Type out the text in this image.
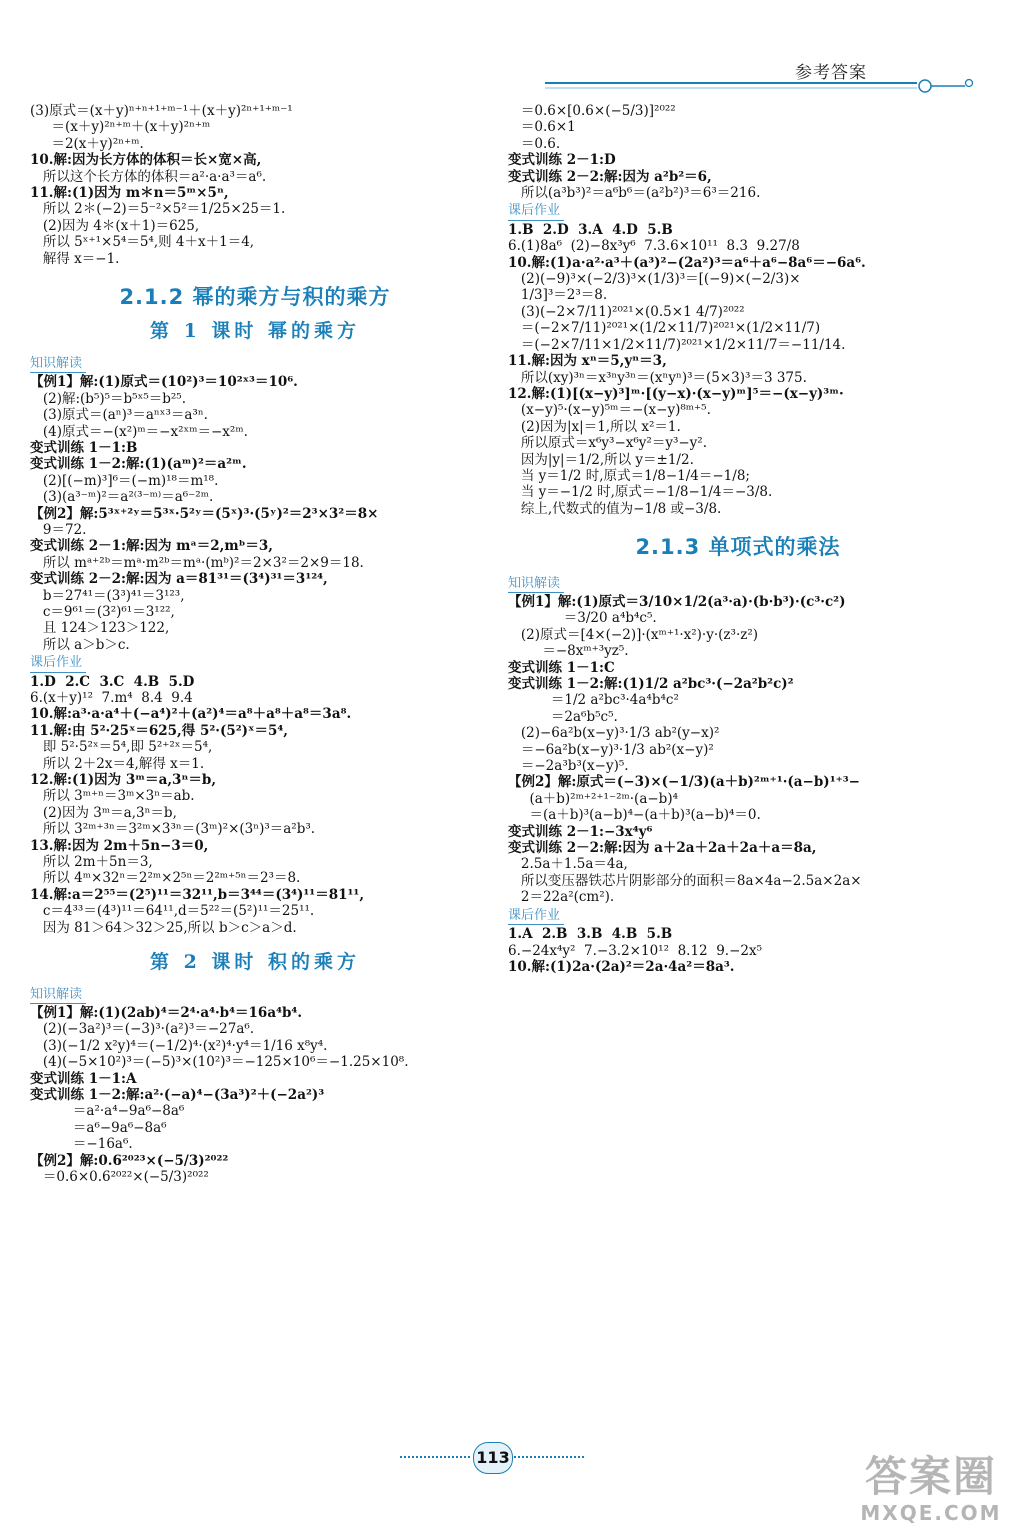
参考答案
(3)原式＝(x＋y)ⁿ⁺ⁿ⁺¹⁺ᵐ⁻¹＋(x＋y)²ⁿ⁺¹⁺ᵐ⁻¹
＝(x＋y)²ⁿ⁺ᵐ＋(x＋y)²ⁿ⁺ᵐ
＝2(x＋y)²ⁿ⁺ᵐ.
10.解:因为长方体的体积＝长×宽×高,
所以这个长方体的体积＝a²·a·a³＝a⁶.
11.解:(1)因为 m＊n＝5ᵐ×5ⁿ,
所以 2＊(−2)＝5⁻²×5²＝1/25×25＝1.
(2)因为 4＊(x＋1)＝625,
所以 5ˣ⁺¹×5⁴＝5⁴,则 4＋x＋1＝4,
解得 x＝−1.
2.1.2 幂的乘方与积的乘方
第 1 课时 幂的乘方
知识解读
【例1】解:(1)原式＝(10²)³＝10²ˣ³＝10⁶.
(2)解:(b⁵)⁵＝b⁵ˣ⁵＝b²⁵.
(3)原式＝(aⁿ)³＝aⁿˣ³＝a³ⁿ.
(4)原式＝−(x²)ᵐ＝−x²ˣᵐ＝−x²ᵐ.
变式训练 1－1:B
变式训练 1－2:解:(1)(aᵐ)²＝a²ᵐ.
(2)[(−m)³]⁶＝(−m)¹⁸＝m¹⁸.
(3)(a³⁻ᵐ)²＝a²⁽³⁻ᵐ⁾＝a⁶⁻²ᵐ.
【例2】解:5³ˣ⁺²ʸ＝5³ˣ·5²ʸ＝(5ˣ)³·(5ʸ)²＝2³×3²＝8×
9＝72.
变式训练 2－1:解:因为 mᵃ＝2,mᵇ＝3,
所以 mᵃ⁺²ᵇ＝mᵃ·m²ᵇ＝mᵃ·(mᵇ)²＝2×3²＝2×9＝18.
变式训练 2－2:解:因为 a＝81³¹＝(3⁴)³¹＝3¹²⁴,
b＝27⁴¹＝(3³)⁴¹＝3¹²³,
c＝9⁶¹＝(3²)⁶¹＝3¹²²,
且 124＞123＞122,
所以 a＞b＞c.
课后作业
1.D  2.C  3.C  4.B  5.D
6.(x＋y)¹²  7.m⁴  8.4  9.4
10.解:a³·a·a⁴＋(−a⁴)²＋(a²)⁴＝a⁸＋a⁸＋a⁸＝3a⁸.
11.解:由 5²·25ˣ＝625,得 5²·(5²)ˣ＝5⁴,
即 5²·5²ˣ＝5⁴,即 5²⁺²ˣ＝5⁴,
所以 2＋2x＝4,解得 x＝1.
12.解:(1)因为 3ᵐ＝a,3ⁿ＝b,
所以 3ᵐ⁺ⁿ＝3ᵐ×3ⁿ＝ab.
(2)因为 3ᵐ＝a,3ⁿ＝b,
所以 3²ᵐ⁺³ⁿ＝3²ᵐ×3³ⁿ＝(3ᵐ)²×(3ⁿ)³＝a²b³.
13.解:因为 2m＋5n−3＝0,
所以 2m＋5n＝3,
所以 4ᵐ×32ⁿ＝2²ᵐ×2⁵ⁿ＝2²ᵐ⁺⁵ⁿ＝2³＝8.
14.解:a＝2⁵⁵＝(2⁵)¹¹＝32¹¹,b＝3⁴⁴＝(3⁴)¹¹＝81¹¹,
c＝4³³＝(4³)¹¹＝64¹¹,d＝5²²＝(5²)¹¹＝25¹¹.
因为 81＞64＞32＞25,所以 b＞c＞a＞d.
第 2 课时 积的乘方
知识解读
【例1】解:(1)(2ab)⁴＝2⁴·a⁴·b⁴＝16a⁴b⁴.
(2)(−3a²)³＝(−3)³·(a²)³＝−27a⁶.
(3)(−1/2 x²y)⁴＝(−1/2)⁴·(x²)⁴·y⁴＝1/16 x⁸y⁴.
(4)(−5×10²)³＝(−5)³×(10²)³＝−125×10⁶＝−1.25×10⁸.
变式训练 1－1:A
变式训练 1－2:解:a²·(−a)⁴−(3a³)²＋(−2a²)³
＝a²·a⁴−9a⁶−8a⁶
＝a⁶−9a⁶−8a⁶
＝−16a⁶.
【例2】解:0.6²⁰²³×(−5/3)²⁰²²
＝0.6×0.6²⁰²²×(−5/3)²⁰²²
＝0.6×[0.6×(−5/3)]²⁰²²
＝0.6×1
＝0.6.
变式训练 2－1:D
变式训练 2－2:解:因为 a²b²＝6,
所以(a³b³)²＝a⁶b⁶＝(a²b²)³＝6³＝216.
课后作业
1.B  2.D  3.A  4.D  5.B
6.(1)8a⁶  (2)−8x³y⁶  7.3.6×10¹¹  8.3  9.27/8
10.解:(1)a·a²·a³＋(a³)²−(2a²)³＝a⁶＋a⁶−8a⁶＝−6a⁶.
(2)(−9)³×(−2/3)³×(1/3)³＝[(−9)×(−2/3)×
1/3]³＝2³＝8.
(3)(−2×7/11)²⁰²¹×(0.5×1 4/7)²⁰²²
＝(−2×7/11)²⁰²¹×(1/2×11/7)²⁰²¹×(1/2×11/7)
＝(−2×7/11×1/2×11/7)²⁰²¹×1/2×11/7＝−11/14.
11.解:因为 xⁿ＝5,yⁿ＝3,
所以(xy)³ⁿ＝x³ⁿy³ⁿ＝(xⁿyⁿ)³＝(5×3)³＝3 375.
12.解:(1)[(x−y)³]ᵐ·[(y−x)·(x−y)ᵐ]⁵＝−(x−y)³ᵐ·
(x−y)⁵·(x−y)⁵ᵐ＝−(x−y)⁸ᵐ⁺⁵.
(2)因为|x|＝1,所以 x²＝1.
所以原式＝x⁶y³−x⁶y²＝y³−y².
因为|y|＝1/2,所以 y＝±1/2.
当 y＝1/2 时,原式＝1/8−1/4＝−1/8;
当 y＝−1/2 时,原式＝−1/8−1/4＝−3/8.
综上,代数式的值为−1/8 或−3/8.
2.1.3 单项式的乘法
知识解读
【例1】解:(1)原式＝3/10×1/2(a³·a)·(b·b³)·(c³·c²)
＝3/20 a⁴b⁴c⁵.
(2)原式＝[4×(−2)]·(xᵐ⁺¹·x²)·y·(z³·z²)
＝−8xᵐ⁺³yz⁵.
变式训练 1－1:C
变式训练 1－2:解:(1)1/2 a²bc³·(−2a²b²c)²
＝1/2 a²bc³·4a⁴b⁴c²
＝2a⁶b⁵c⁵.
(2)−6a²b(x−y)³·1/3 ab²(y−x)²
＝−6a²b(x−y)³·1/3 ab²(x−y)²
＝−2a³b³(x−y)⁵.
【例2】解:原式＝(−3)×(−1/3)(a＋b)²ᵐ⁺¹·(a−b)¹⁺³−
(a＋b)²ᵐ⁺²⁺¹⁻²ᵐ·(a−b)⁴
＝(a＋b)³(a−b)⁴−(a＋b)³(a−b)⁴＝0.
变式训练 2－1:−3x⁴y⁶
变式训练 2－2:解:因为 a＋2a＋2a＋2a＋a＝8a,
2.5a＋1.5a＝4a,
所以变压器铁芯片阴影部分的面积＝8a×4a−2.5a×2a×
2＝22a²(cm²).
课后作业
1.A  2.B  3.B  4.B  5.B
6.−24x⁴y²  7.−3.2×10¹²  8.12  9.−2x⁵
10.解:(1)2a·(2a)²＝2a·4a²＝8a³.
113	答案圈
MXQE.COM
